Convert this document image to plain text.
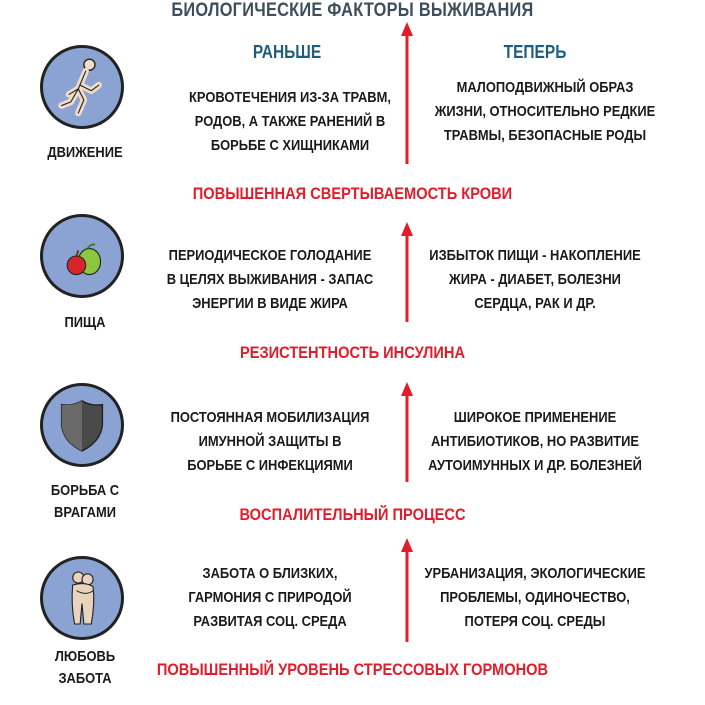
БИОЛОГИЧЕСКИЕ ФАКТОРЫ ВЫЖИВАНИЯ
РАНЬШЕ	ТЕПЕРЬ
ДВИЖЕНИЕ
КРОВОТЕЧЕНИЯ ИЗ-ЗА ТРАВМ,
РОДОВ, А ТАКЖЕ РАНЕНИЙ В
БОРЬБЕ С ХИЩНИКАМИ
МАЛОПОДВИЖНЫЙ ОБРАЗ
ЖИЗНИ, ОТНОСИТЕЛЬНО РЕДКИЕ
ТРАВМЫ, БЕЗОПАСНЫЕ РОДЫ
ПОВЫШЕННАЯ СВЕРТЫВАЕМОСТЬ КРОВИ
ПИЩА
ПЕРИОДИЧЕСКОЕ ГОЛОДАНИЕ
В ЦЕЛЯХ ВЫЖИВАНИЯ - ЗАПАС
ЭНЕРГИИ В ВИДЕ ЖИРА
ИЗБЫТОК ПИЩИ - НАКОПЛЕНИЕ
ЖИРА - ДИАБЕТ, БОЛЕЗНИ
СЕРДЦА, РАК И ДР.
РЕЗИСТЕНТНОСТЬ ИНСУЛИНА
БОРЬБА С
ВРАГАМИ
ПОСТОЯННАЯ МОБИЛИЗАЦИЯ
ИМУННОЙ ЗАЩИТЫ В
БОРЬБЕ С ИНФЕКЦИЯМИ
ШИРОКОЕ ПРИМЕНЕНИЕ
АНТИБИОТИКОВ, НО РАЗВИТИЕ
АУТОИМУННЫХ И ДР. БОЛЕЗНЕЙ
ВОСПАЛИТЕЛЬНЫЙ ПРОЦЕСС
ЛЮБОВЬ
ЗАБОТА
ЗАБОТА О БЛИЗКИХ,
ГАРМОНИЯ С ПРИРОДОЙ
РАЗВИТАЯ СОЦ. СРЕДА
УРБАНИЗАЦИЯ, ЭКОЛОГИЧЕСКИЕ
ПРОБЛЕМЫ, ОДИНОЧЕСТВО,
ПОТЕРЯ СОЦ. СРЕДЫ
ПОВЫШЕННЫЙ УРОВЕНЬ СТРЕССОВЫХ ГОРМОНОВ
